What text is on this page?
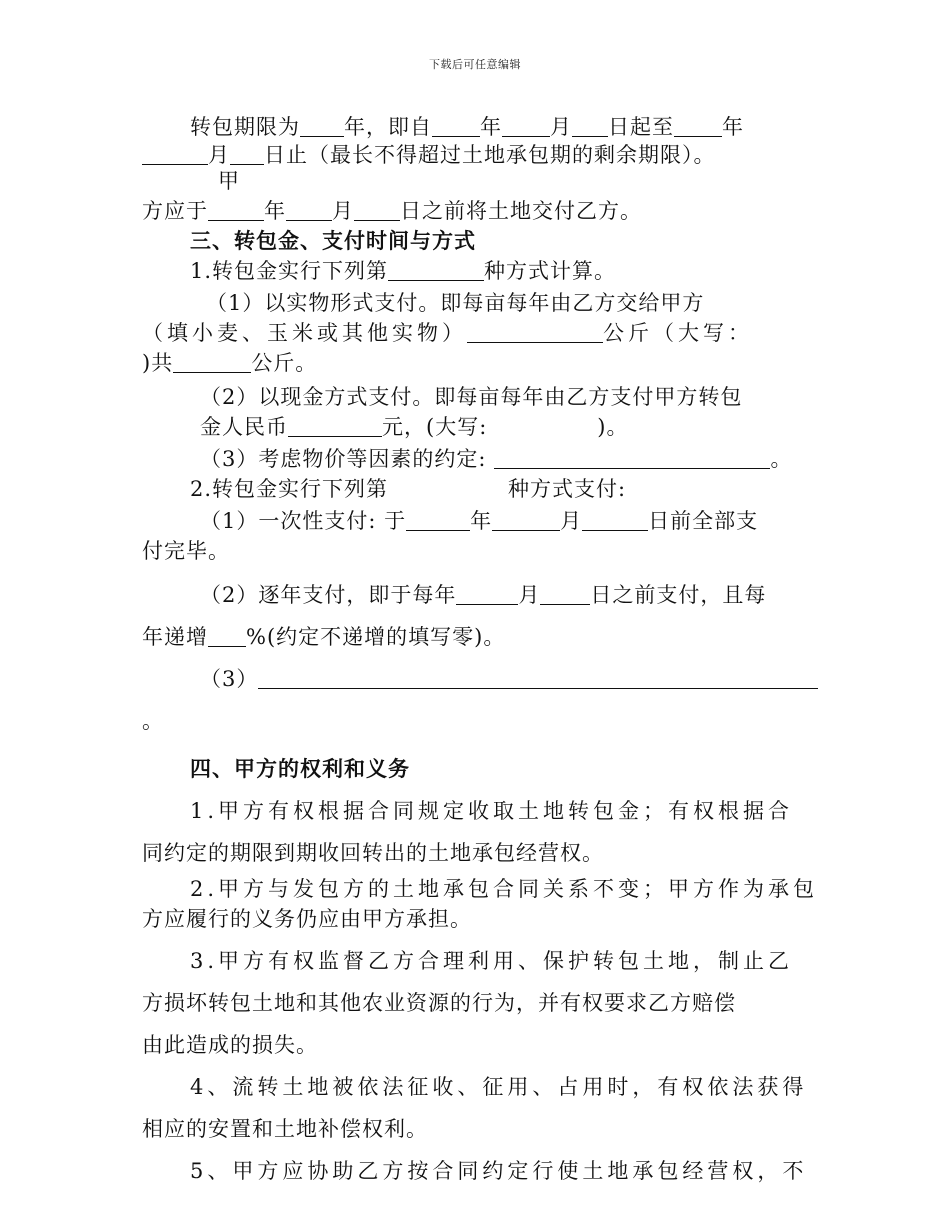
下载后可任意编辑
转包期限为 年，即自 年 月 日起至 年
月 日止（最长不得超过土地承包期的剩余期限）。
甲
方应于	年 月 日之前将土地交付乙方。
三、转包金、支付时间与方式
1.转包金实行下列第	种方式计算。
（1）以实物形式支付。即每亩每年由乙方交给甲方
（填小麦、玉米或其他实物）	公斤（大写：
)共	公斤。
（2）以现金方式支付。即每亩每年由乙方支付甲方转包
金人民币	元，(大写:	)。
（3）考虑物价等因素的约定:	。
2.转包金实行下列第	种方式支付:
（1）一次性支付: 于	年	月	日前全部支
付完毕。
（2）逐年支付，即于每年	月 日之前支付，且每
年递增 %(约定不递增的填写零)。
（3）
。
四、甲方的权利和义务
1.甲方有权根据合同规定收取土地转包金；有权根据合
同约定的期限到期收回转出的土地承包经营权。
2.甲方与发包方的土地承包合同关系不变；甲方作为承包
方应履行的义务仍应由甲方承担。
3.甲方有权监督乙方合理利用、保护转包土地，制止乙
方损坏转包土地和其他农业资源的行为，并有权要求乙方赔偿
由此造成的损失。
4、流转土地被依法征收、征用、占用时，有权依法获得
相应的安置和土地补偿权利。
5、甲方应协助乙方按合同约定行使土地承包经营权，不
